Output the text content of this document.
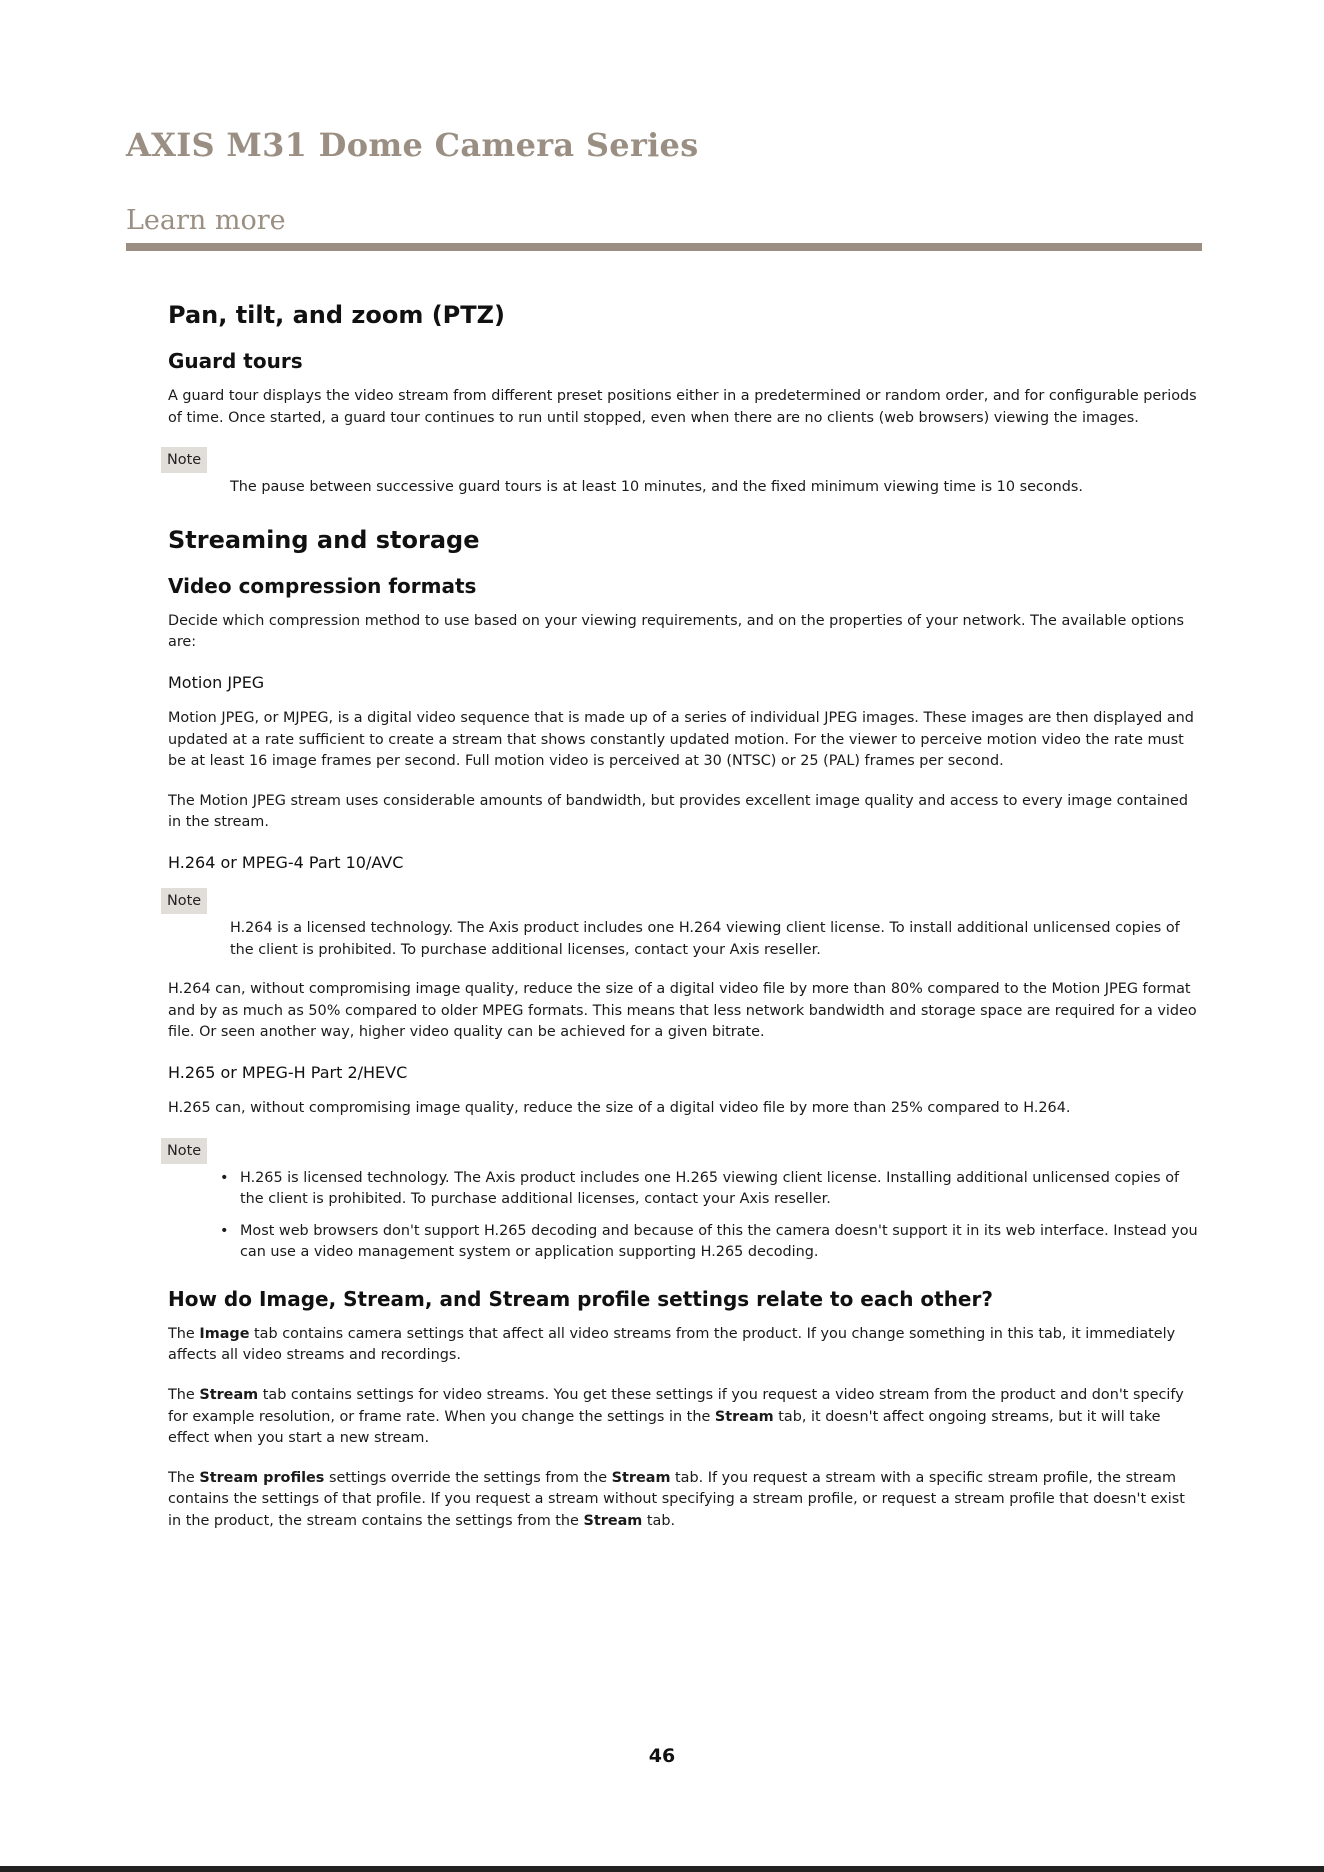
AXIS M31 Dome Camera Series
Learn more
Pan, tilt, and zoom (PTZ)
Guard tours

A guard tour displays the video stream from different preset positions either in a predetermined or random order, and for configurable periods of time. Once started, a guard tour continues to run until stopped, even when there are no clients (web browsers) viewing the images.

Note
The pause between successive guard tours is at least 10 minutes, and the fixed minimum viewing time is 10 seconds.
Streaming and storage
Video compression formats

Decide which compression method to use based on your viewing requirements, and on the properties of your network. The available options are:

Motion JPEG

Motion JPEG, or MJPEG, is a digital video sequence that is made up of a series of individual JPEG images. These images are then displayed and updated at a rate sufficient to create a stream that shows constantly updated motion. For the viewer to perceive motion video the rate must be at least 16 image frames per second. Full motion video is perceived at 30 (NTSC) or 25 (PAL) frames per second.

The Motion JPEG stream uses considerable amounts of bandwidth, but provides excellent image quality and access to every image contained in the stream.

H.264 or MPEG-4 Part 10/AVC
Note
H.264 is a licensed technology. The Axis product includes one H.264 viewing client license. To install additional unlicensed copies of the client is prohibited. To purchase additional licenses, contact your Axis reseller.

H.264 can, without compromising image quality, reduce the size of a digital video file by more than 80% compared to the Motion JPEG format and by as much as 50% compared to older MPEG formats. This means that less network bandwidth and storage space are required for a video file. Or seen another way, higher video quality can be achieved for a given bitrate.

H.265 or MPEG-H Part 2/HEVC

H.265 can, without compromising image quality, reduce the size of a digital video file by more than 25% compared to H.264.

Note
• H.265 is licensed technology. The Axis product includes one H.265 viewing client license. Installing additional unlicensed copies of the client is prohibited. To purchase additional licenses, contact your Axis reseller.
• Most web browsers don't support H.265 decoding and because of this the camera doesn't support it in its web interface. Instead you can use a video management system or application supporting H.265 decoding.
How do Image, Stream, and Stream profile settings relate to each other?

The Image tab contains camera settings that affect all video streams from the product. If you change something in this tab, it immediately affects all video streams and recordings.

The Stream tab contains settings for video streams. You get these settings if you request a video stream from the product and don't specify for example resolution, or frame rate. When you change the settings in the Stream tab, it doesn't affect ongoing streams, but it will take effect when you start a new stream.

The Stream profiles settings override the settings from the Stream tab. If you request a stream with a specific stream profile, the stream contains the settings of that profile. If you request a stream without specifying a stream profile, or request a stream profile that doesn't exist in the product, the stream contains the settings from the Stream tab.

46
